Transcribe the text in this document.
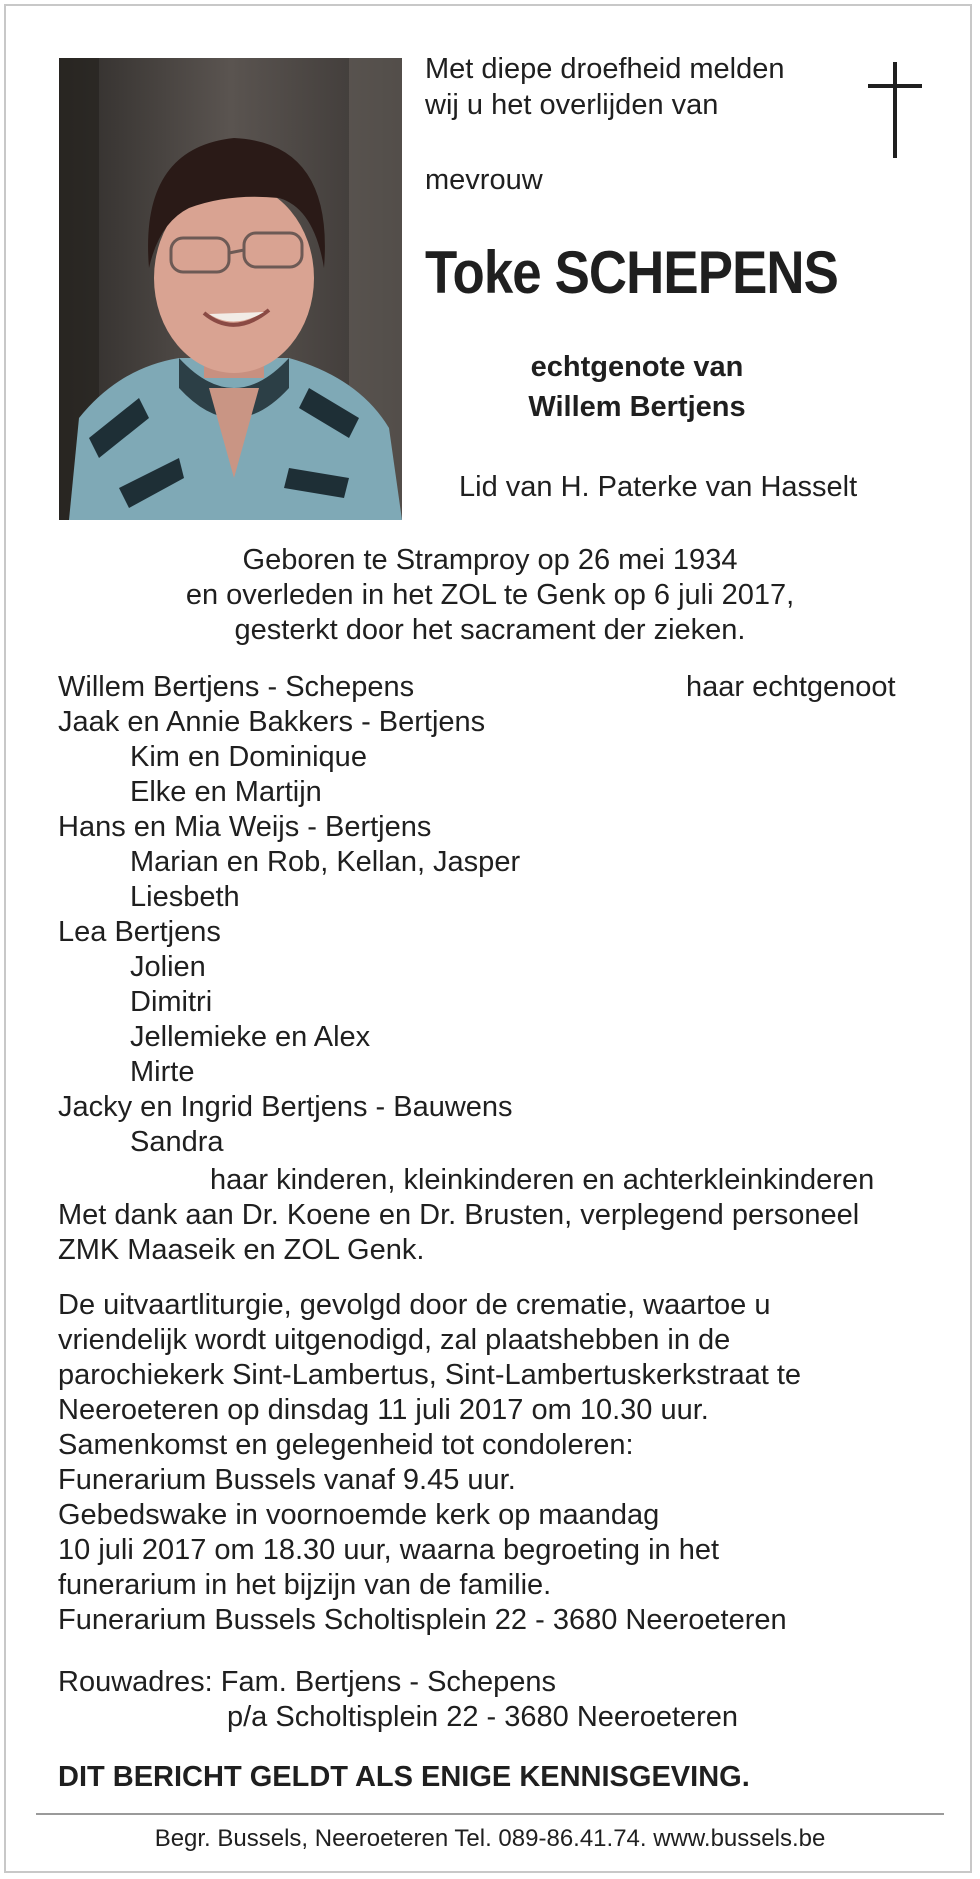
Met diepe droefheid melden
wij u het overlijden van
mevrouw
Toke SCHEPENS
echtgenote van
Willem Bertjens
Lid van H. Paterke van Hasselt
Geboren te Stramproy op 26 mei 1934
en overleden in het ZOL te Genk op 6 juli 2017,
gesterkt door het sacrament der zieken.
Willem Bertjens - Schepens	haar echtgenoot
Jaak en Annie Bakkers - Bertjens
Kim en Dominique
Elke en Martijn
Hans en Mia Weijs - Bertjens
Marian en Rob, Kellan, Jasper
Liesbeth
Lea Bertjens
Jolien
Dimitri
Jellemieke en Alex
Mirte
Jacky en Ingrid Bertjens - Bauwens
Sandra
haar kinderen, kleinkinderen en achterkleinkinderen
Met dank aan Dr. Koene en Dr. Brusten, verplegend personeel
ZMK Maaseik en ZOL Genk.
De uitvaartliturgie, gevolgd door de crematie, waartoe u
vriendelijk wordt uitgenodigd, zal plaatshebben in de
parochiekerk Sint-Lambertus, Sint-Lambertuskerkstraat te
Neeroeteren op dinsdag 11 juli 2017 om 10.30 uur.
Samenkomst en gelegenheid tot condoleren:
Funerarium Bussels vanaf 9.45 uur.
Gebedswake in voornoemde kerk op maandag
10 juli 2017 om 18.30 uur, waarna begroeting in het
funerarium in het bijzijn van de familie.
Funerarium Bussels Scholtisplein 22 - 3680 Neeroeteren
Rouwadres: Fam. Bertjens - Schepens
p/a Scholtisplein 22 - 3680 Neeroeteren
DIT BERICHT GELDT ALS ENIGE KENNISGEVING.
Begr. Bussels, Neeroeteren Tel. 089-86.41.74. www.bussels.be
